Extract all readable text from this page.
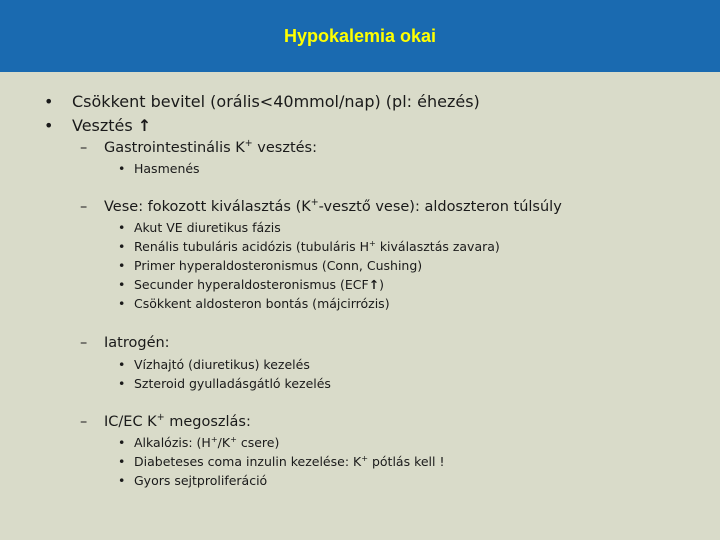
Hypokalemia okai
• Csökkent bevitel (orális<40mmol/nap) (pl: éhezés)
• Vesztés ↑
– Gastrointestinális K+ vesztés:
• Hasmenés
– Vese: fokozott kiválasztás (K+-vesztő vese): aldoszteron túlsúly
• Akut VE diuretikus fázis
• Renális tubuláris acidózis (tubuláris H+ kiválasztás zavara)
• Primer hyperaldosteronismus (Conn, Cushing)
• Secunder hyperaldosteronismus (ECF↑)
• Csökkent aldosteron bontás (májcirrózis)
– Iatrogén:
• Vízhajtó (diuretikus) kezelés
• Szteroid gyulladásgátló kezelés
– IC/EC K+ megoszlás:
• Alkalózis: (H+/K+ csere)
• Diabeteses coma inzulin kezelése: K+ pótlás kell !
• Gyors sejtproliferáció
